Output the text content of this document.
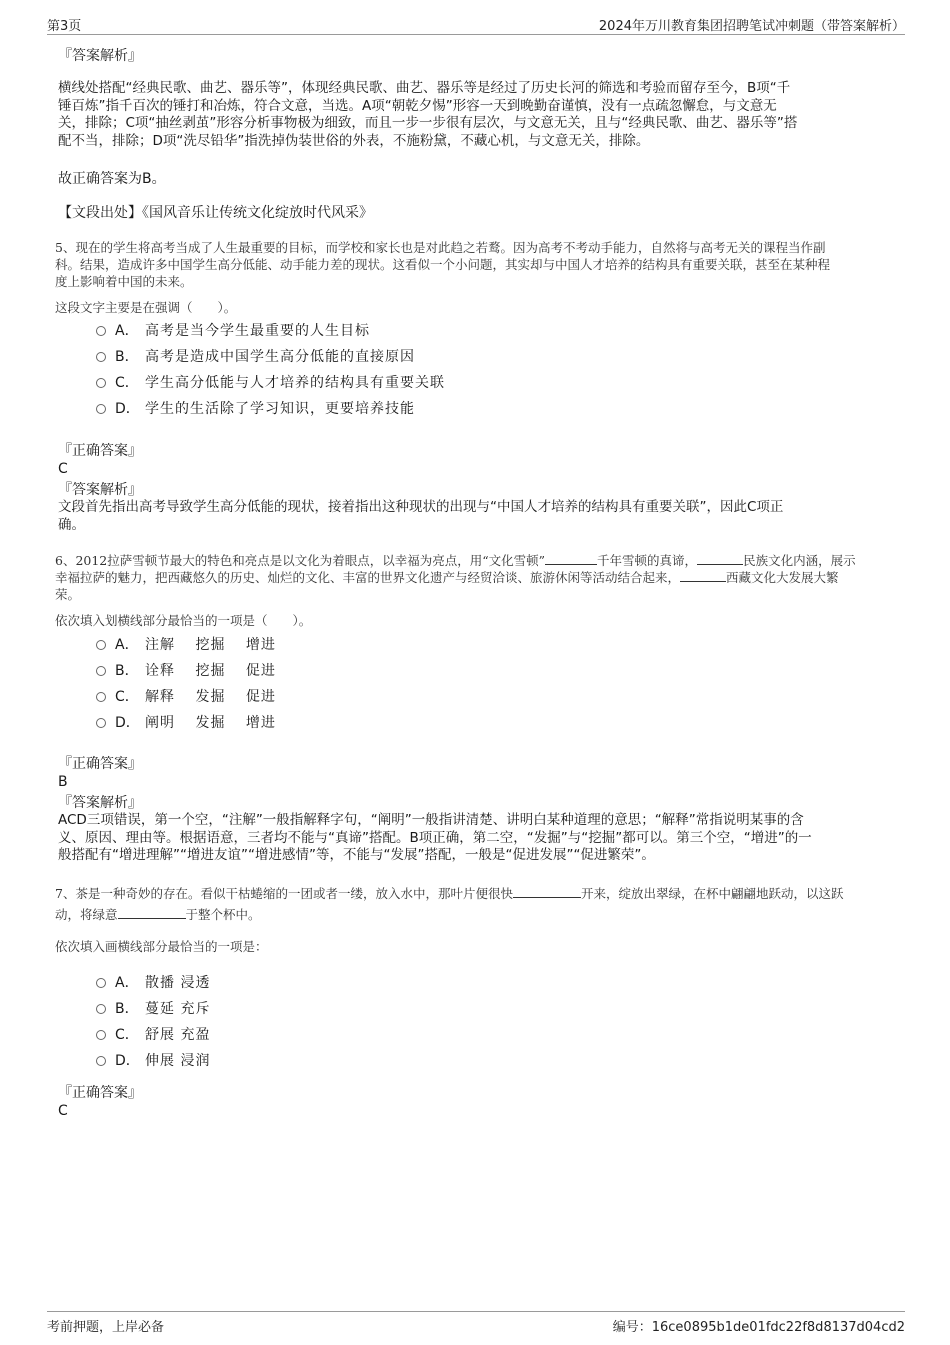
第3页	2024年万川教育集团招聘笔试冲刺题（带答案解析）
『答案解析』
横线处搭配“经典民歌、曲艺、器乐等”，体现经典民歌、曲艺、器乐等是经过了历史长河的筛选和考验而留存至今，B项“千
锤百炼”指千百次的锤打和冶炼，符合文意，当选。A项“朝乾夕惕”形容一天到晚勤奋谨慎，没有一点疏忽懈怠，与文意无
关，排除；C项“抽丝剥茧”形容分析事物极为细致，而且一步一步很有层次，与文意无关，且与“经典民歌、曲艺、器乐等”搭
配不当，排除；D项“洗尽铅华”指洗掉伪装世俗的外表，不施粉黛，不藏心机，与文意无关，排除。
故正确答案为B。
【文段出处】《国风音乐让传统文化绽放时代风采》
5、现在的学生将高考当成了人生最重要的目标，而学校和家长也是对此趋之若鹜。因为高考不考动手能力，自然将与高考无关的课程当作副
科。结果，造成许多中国学生高分低能、动手能力差的现状。这看似一个小问题，其实却与中国人才培养的结构具有重要关联，甚至在某种程
度上影响着中国的未来。
这段文字主要是在强调（　　）。
A． 高考是当今学生最重要的人生目标
B． 高考是造成中国学生高分低能的直接原因
C． 学生高分低能与人才培养的结构具有重要关联
D． 学生的生活除了学习知识，更要培养技能
『正确答案』
C
『答案解析』
文段首先指出高考导致学生高分低能的现状，接着指出这种现状的出现与“中国人才培养的结构具有重要关联”，因此C项正
确。
6、2012拉萨雪顿节最大的特色和亮点是以文化为着眼点，以幸福为亮点，用“文化雪顿”	千年雪顿的真谛，	民族文化内涵，展示
幸福拉萨的魅力，把西藏悠久的历史、灿烂的文化、丰富的世界文化遗产与经贸洽谈、旅游休闲等活动结合起来，	西藏文化大发展大繁
荣。
依次填入划横线部分最恰当的一项是（　　）。
A． 注解　 挖掘　 增进
B． 诠释　 挖掘　 促进
C． 解释　 发掘　 促进
D． 阐明　 发掘　 增进
『正确答案』
B
『答案解析』
ACD三项错误，第一个空，“注解”一般指解释字句，“阐明”一般指讲清楚、讲明白某种道理的意思；“解释”常指说明某事的含
义、原因、理由等。根据语意，三者均不能与“真谛”搭配。B项正确，第二空，“发掘”与“挖掘”都可以。第三个空，“增进”的一
般搭配有“增进理解”“增进友谊”“增进感情”等，不能与“发展”搭配，一般是“促进发展”“促进繁荣”。
7、茶是一种奇妙的存在。看似干枯蜷缩的一团或者一缕，放入水中，那叶片便很快	开来，绽放出翠绿，在杯中翩翩地跃动，以这跃
动，将绿意	于整个杯中。
依次填入画横线部分最恰当的一项是：
A． 散播 浸透
B． 蔓延 充斥
C． 舒展 充盈
D． 伸展 浸润
『正确答案』
C
考前押题，上岸必备	编号：16ce0895b1de01fdc22f8d8137d04cd2
